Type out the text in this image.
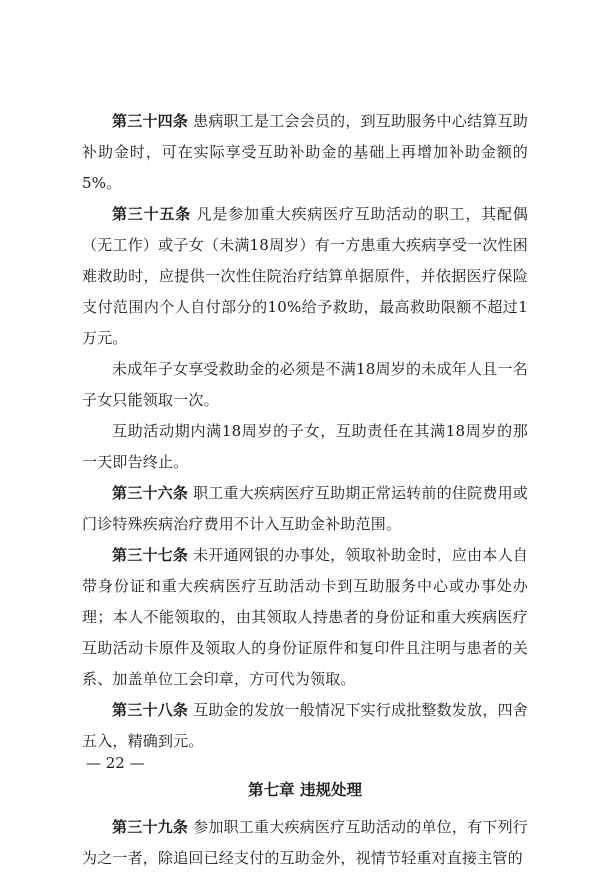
第三十四条 患病职工是工会会员的，到互助服务中心结算互助补助金时，可在实际享受互助补助金的基础上再增加补助金额的5%。

第三十五条 凡是参加重大疾病医疗互助活动的职工，其配偶（无工作）或子女（未满18周岁）有一方患重大疾病享受一次性困难救助时，应提供一次性住院治疗结算单据原件，并依据医疗保险支付范围内个人自付部分的10%给予救助，最高救助限额不超过1万元。

未成年子女享受救助金的必须是不满18周岁的未成年人且一名子女只能领取一次。

互助活动期内满18周岁的子女，互助责任在其满18周岁的那一天即告终止。

第三十六条 职工重大疾病医疗互助期正常运转前的住院费用或门诊特殊疾病治疗费用不计入互助金补助范围。

第三十七条 未开通网银的办事处，领取补助金时，应由本人自带身份证和重大疾病医疗互助活动卡到互助服务中心或办事处办理；本人不能领取的，由其领取人持患者的身份证和重大疾病医疗互助活动卡原件及领取人的身份证原件和复印件且注明与患者的关系、加盖单位工会印章，方可代为领取。

第三十八条 互助金的发放一般情况下实行成批整数发放，四舍五入，精确到元。

第七章 违规处理

第三十九条 参加职工重大疾病医疗互助活动的单位，有下列行为之一者，除追回已经支付的互助金外，视情节轻重对直接主管的

— 22 —
